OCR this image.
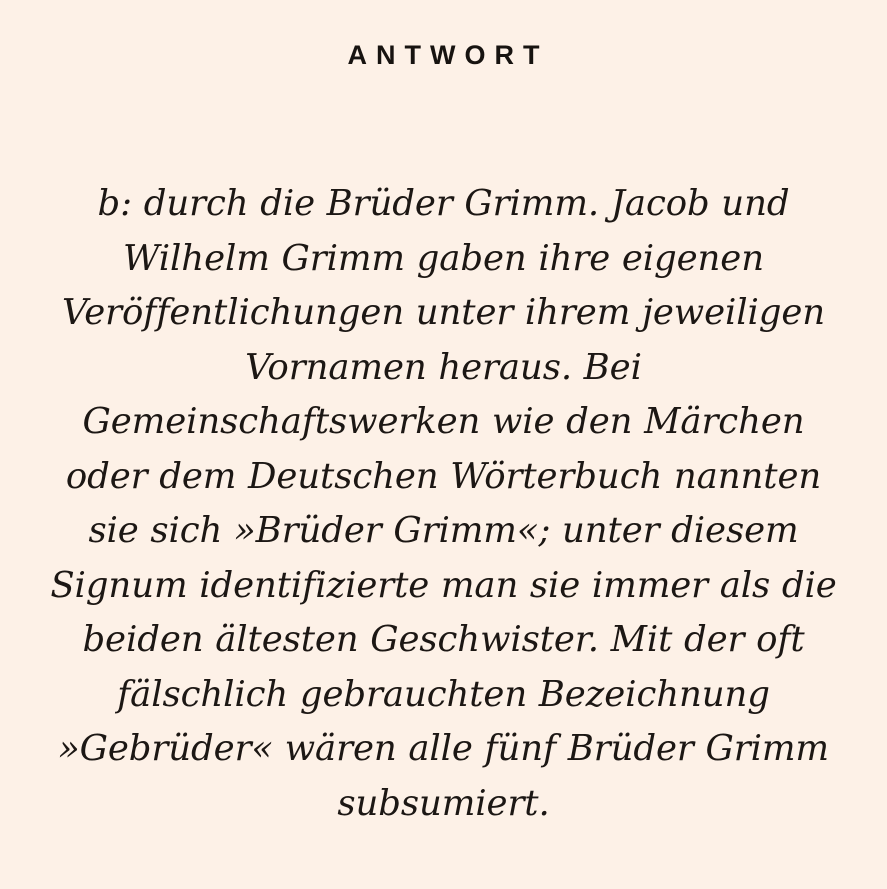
ANTWORT

b: durch die Brüder Grimm. Jacob und Wilhelm Grimm gaben ihre eigenen Veröffentlichungen unter ihrem jeweiligen Vornamen heraus. Bei Gemeinschaftswerken wie den Märchen oder dem Deutschen Wörterbuch nannten sie sich »Brüder Grimm«; unter diesem Signum identifizierte man sie immer als die beiden ältesten Geschwister. Mit der oft fälschlich gebrauchten Bezeichnung »Gebrüder« wären alle fünf Brüder Grimm subsumiert.
